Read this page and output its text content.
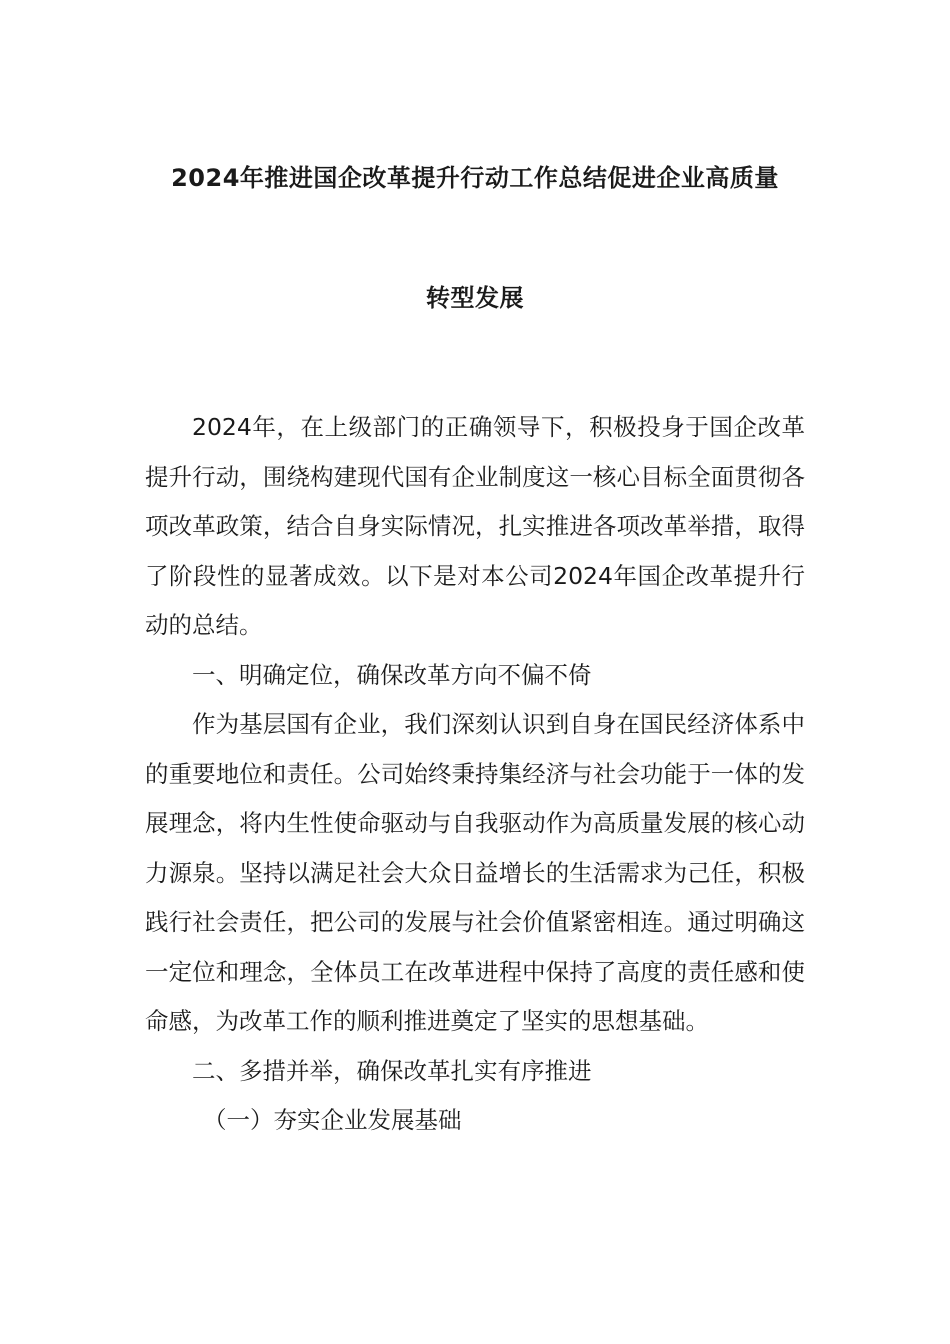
2024年推进国企改革提升行动工作总结促进企业高质量
转型发展

2024年，在上级部门的正确领导下，积极投身于国企改革提升行动，围绕构建现代国有企业制度这一核心目标全面贯彻各项改革政策，结合自身实际情况，扎实推进各项改革举措，取得了阶段性的显著成效。以下是对本公司2024年国企改革提升行动的总结。

一、明确定位，确保改革方向不偏不倚

作为基层国有企业，我们深刻认识到自身在国民经济体系中的重要地位和责任。公司始终秉持集经济与社会功能于一体的发展理念，将内生性使命驱动与自我驱动作为高质量发展的核心动力源泉。坚持以满足社会大众日益增长的生活需求为己任，积极践行社会责任，把公司的发展与社会价值紧密相连。通过明确这一定位和理念，全体员工在改革进程中保持了高度的责任感和使命感，为改革工作的顺利推进奠定了坚实的思想基础。

二、多措并举，确保改革扎实有序推进

（一）夯实企业发展基础
